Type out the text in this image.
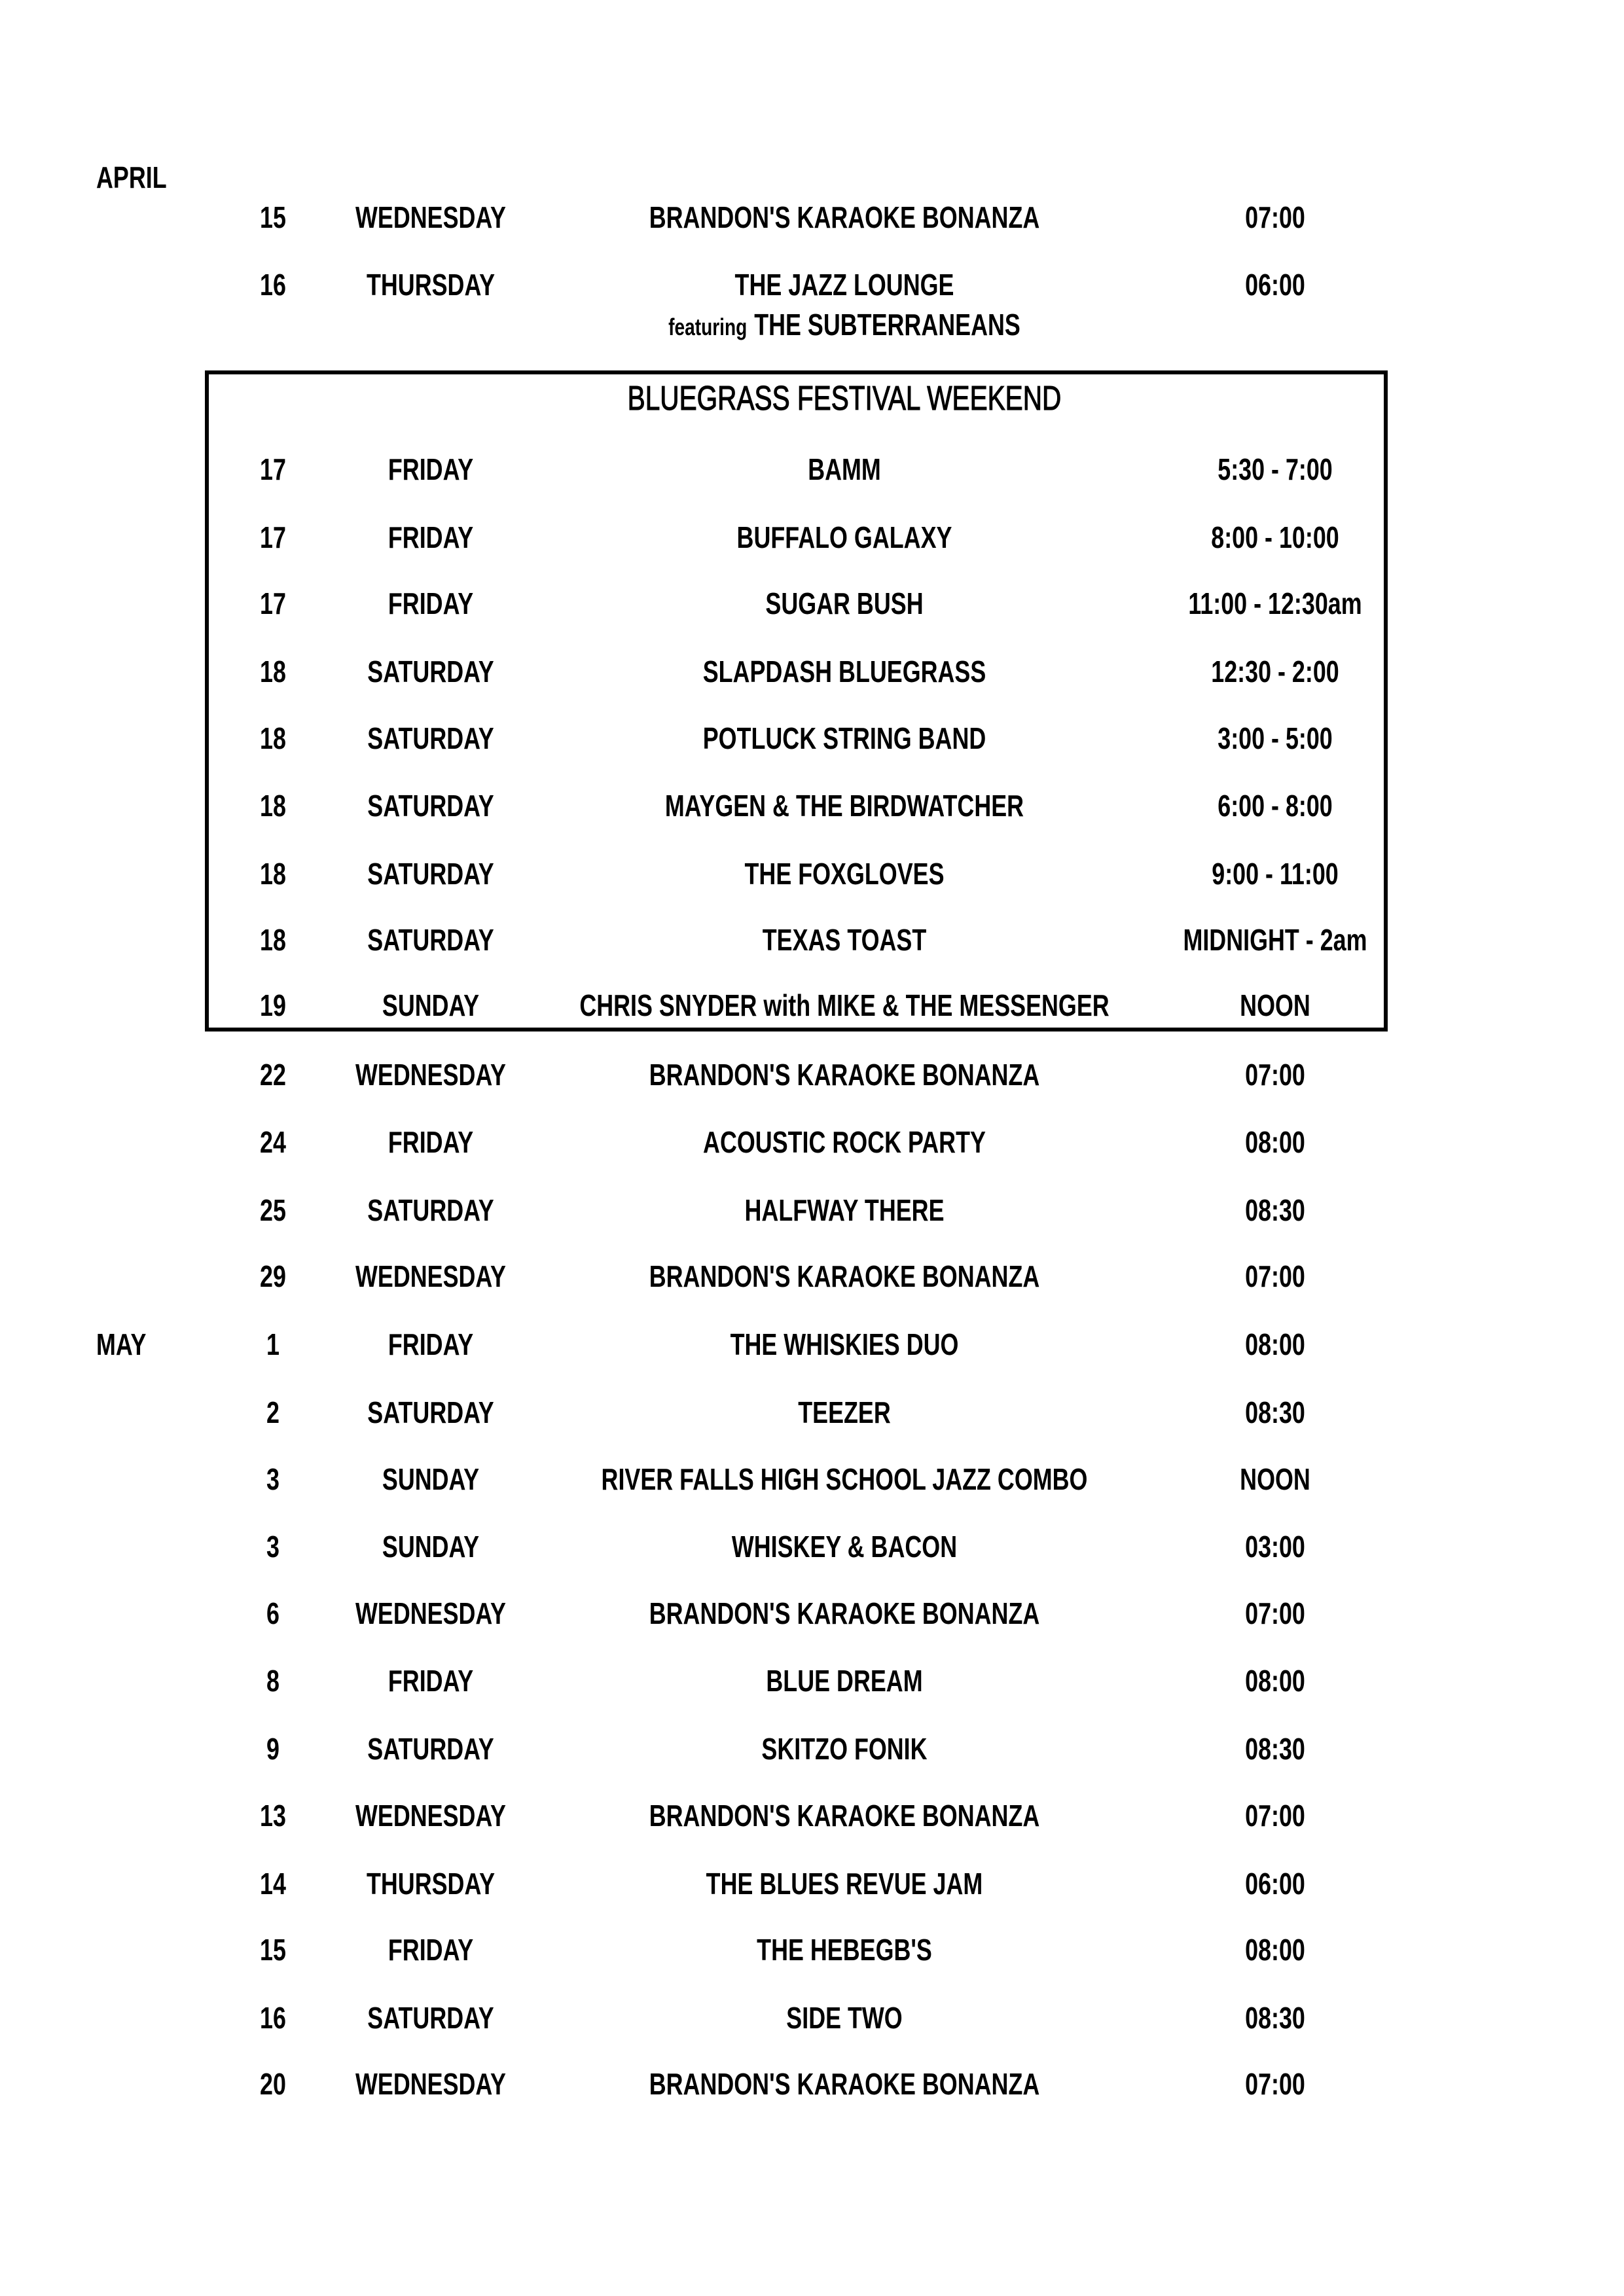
APRIL
MAY
BLUEGRASS FESTIVAL WEEKEND
featuring THE SUBTERRANEANS
15 WEDNESDAY	BRANDON'S KARAOKE BONANZA	07:00
16	THURSDAY	THE JAZZ LOUNGE	06:00
17	FRIDAY	BAMM	5:30 - 7:00
17	FRIDAY	BUFFALO GALAXY	8:00 - 10:00
17	FRIDAY	SUGAR BUSH	11:00 - 12:30am
18	SATURDAY	SLAPDASH BLUEGRASS	12:30 - 2:00
18	SATURDAY	POTLUCK STRING BAND	3:00 - 5:00
18	SATURDAY	MAYGEN & THE BIRDWATCHER	6:00 - 8:00
18	SATURDAY	THE FOXGLOVES	9:00 - 11:00
18	SATURDAY	TEXAS TOAST	MIDNIGHT - 2am
19	SUNDAY	CHRIS SNYDER with MIKE & THE MESSENGER	NOON
22 WEDNESDAY	BRANDON'S KARAOKE BONANZA	07:00
24	FRIDAY	ACOUSTIC ROCK PARTY	08:00
25	SATURDAY	HALFWAY THERE	08:30
29 WEDNESDAY	BRANDON'S KARAOKE BONANZA	07:00
1	FRIDAY	THE WHISKIES DUO	08:00
2	SATURDAY	TEEZER	08:30
3	SUNDAY	RIVER FALLS HIGH SCHOOL JAZZ COMBO	NOON
3	SUNDAY	WHISKEY & BACON	03:00
6	WEDNESDAY	BRANDON'S KARAOKE BONANZA	07:00
8	FRIDAY	BLUE DREAM	08:00
9	SATURDAY	SKITZO FONIK	08:30
13 WEDNESDAY	BRANDON'S KARAOKE BONANZA	07:00
14	THURSDAY	THE BLUES REVUE JAM	06:00
15	FRIDAY	THE HEBEGB'S	08:00
16	SATURDAY	SIDE TWO	08:30
20 WEDNESDAY	BRANDON'S KARAOKE BONANZA	07:00
